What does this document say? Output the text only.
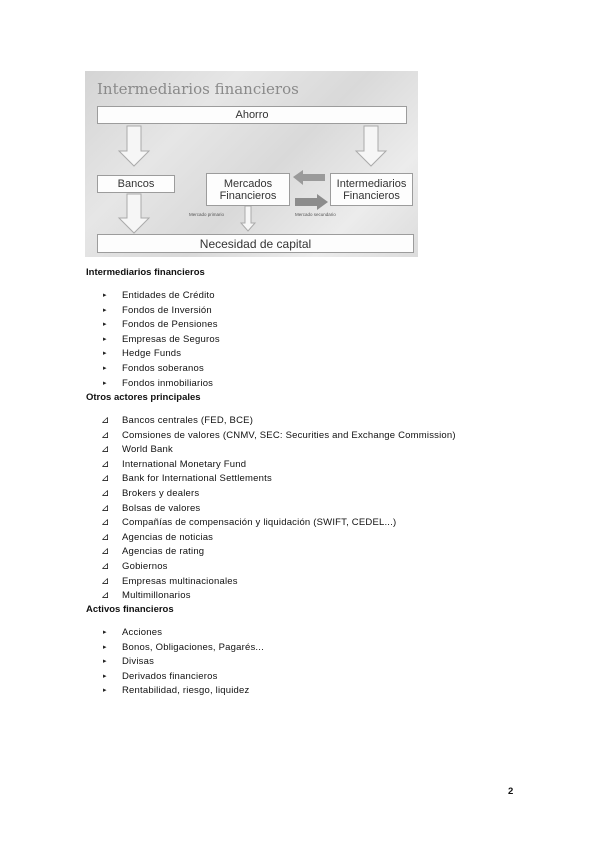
Intermediarios financieros
Ahorro
Bancos	Mercados
Financieros
Intermediarios
Financieros
Mercado primario	Mercado secundario
Necesidad de capital
Intermediarios financieros
▸ Entidades de Crédito
▸ Fondos de Inversión
▸ Fondos de Pensiones
▸ Empresas de Seguros
▸ Hedge Funds
▸ Fondos soberanos
▸ Fondos inmobiliarios
Otros actores principales
⊿ Bancos centrales (FED, BCE)
⊿ Comsiones de valores (CNMV, SEC: Securities and Exchange Commission)
⊿ World Bank
⊿ International Monetary Fund
⊿ Bank for International Settlements
⊿ Brokers y dealers
⊿ Bolsas de valores
⊿ Compañías de compensación y liquidación (SWIFT, CEDEL...)
⊿ Agencias de noticias
⊿ Agencias de rating
⊿ Gobiernos
⊿ Empresas multinacionales
⊿ Multimillonarios
Activos financieros
▸ Acciones
▸ Bonos, Obligaciones, Pagarés...
▸ Divisas
▸ Derivados financieros
▸ Rentabilidad, riesgo, liquidez
2
